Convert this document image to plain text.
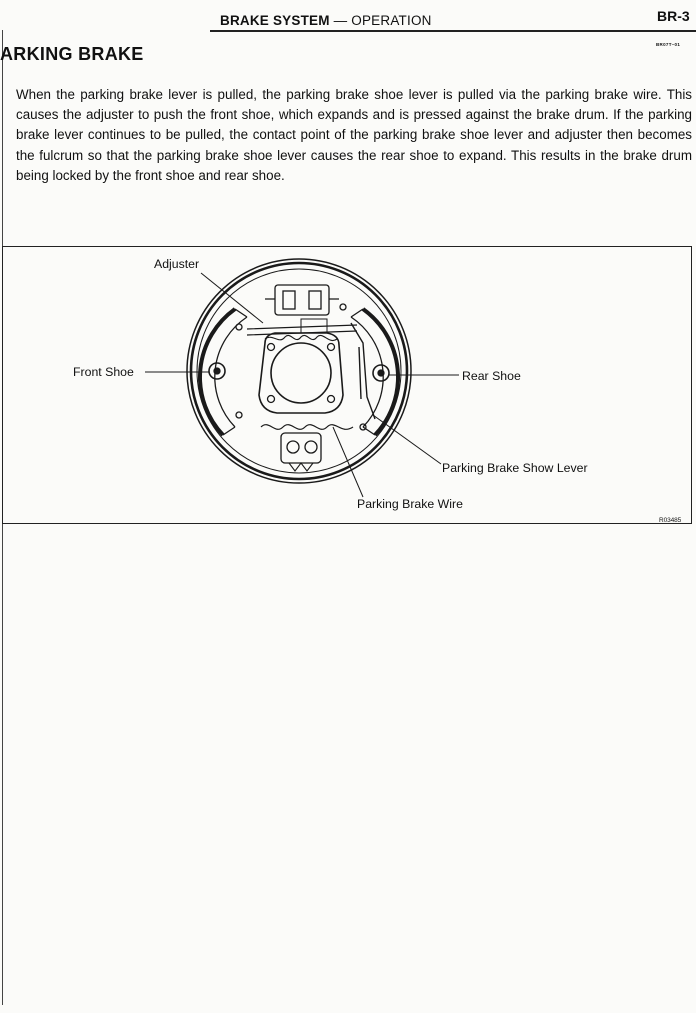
BRAKE SYSTEM — OPERATION	BR-3
BR07T–01
ARKING BRAKE

When the parking brake lever is pulled, the parking brake shoe lever is pulled via the parking brake wire. This causes the adjuster to push the front shoe, which expands and is pressed against the brake drum. If the parking brake lever continues to be pulled, the contact point of the parking brake shoe lever and adjuster then becomes the fulcrum so that the parking brake shoe lever causes the rear shoe to expand. This results in the brake drum being locked by the front shoe and rear shoe.

Adjuster
Front Shoe	Rear Shoe
Parking Brake Show Lever
Parking Brake Wire
R03485
